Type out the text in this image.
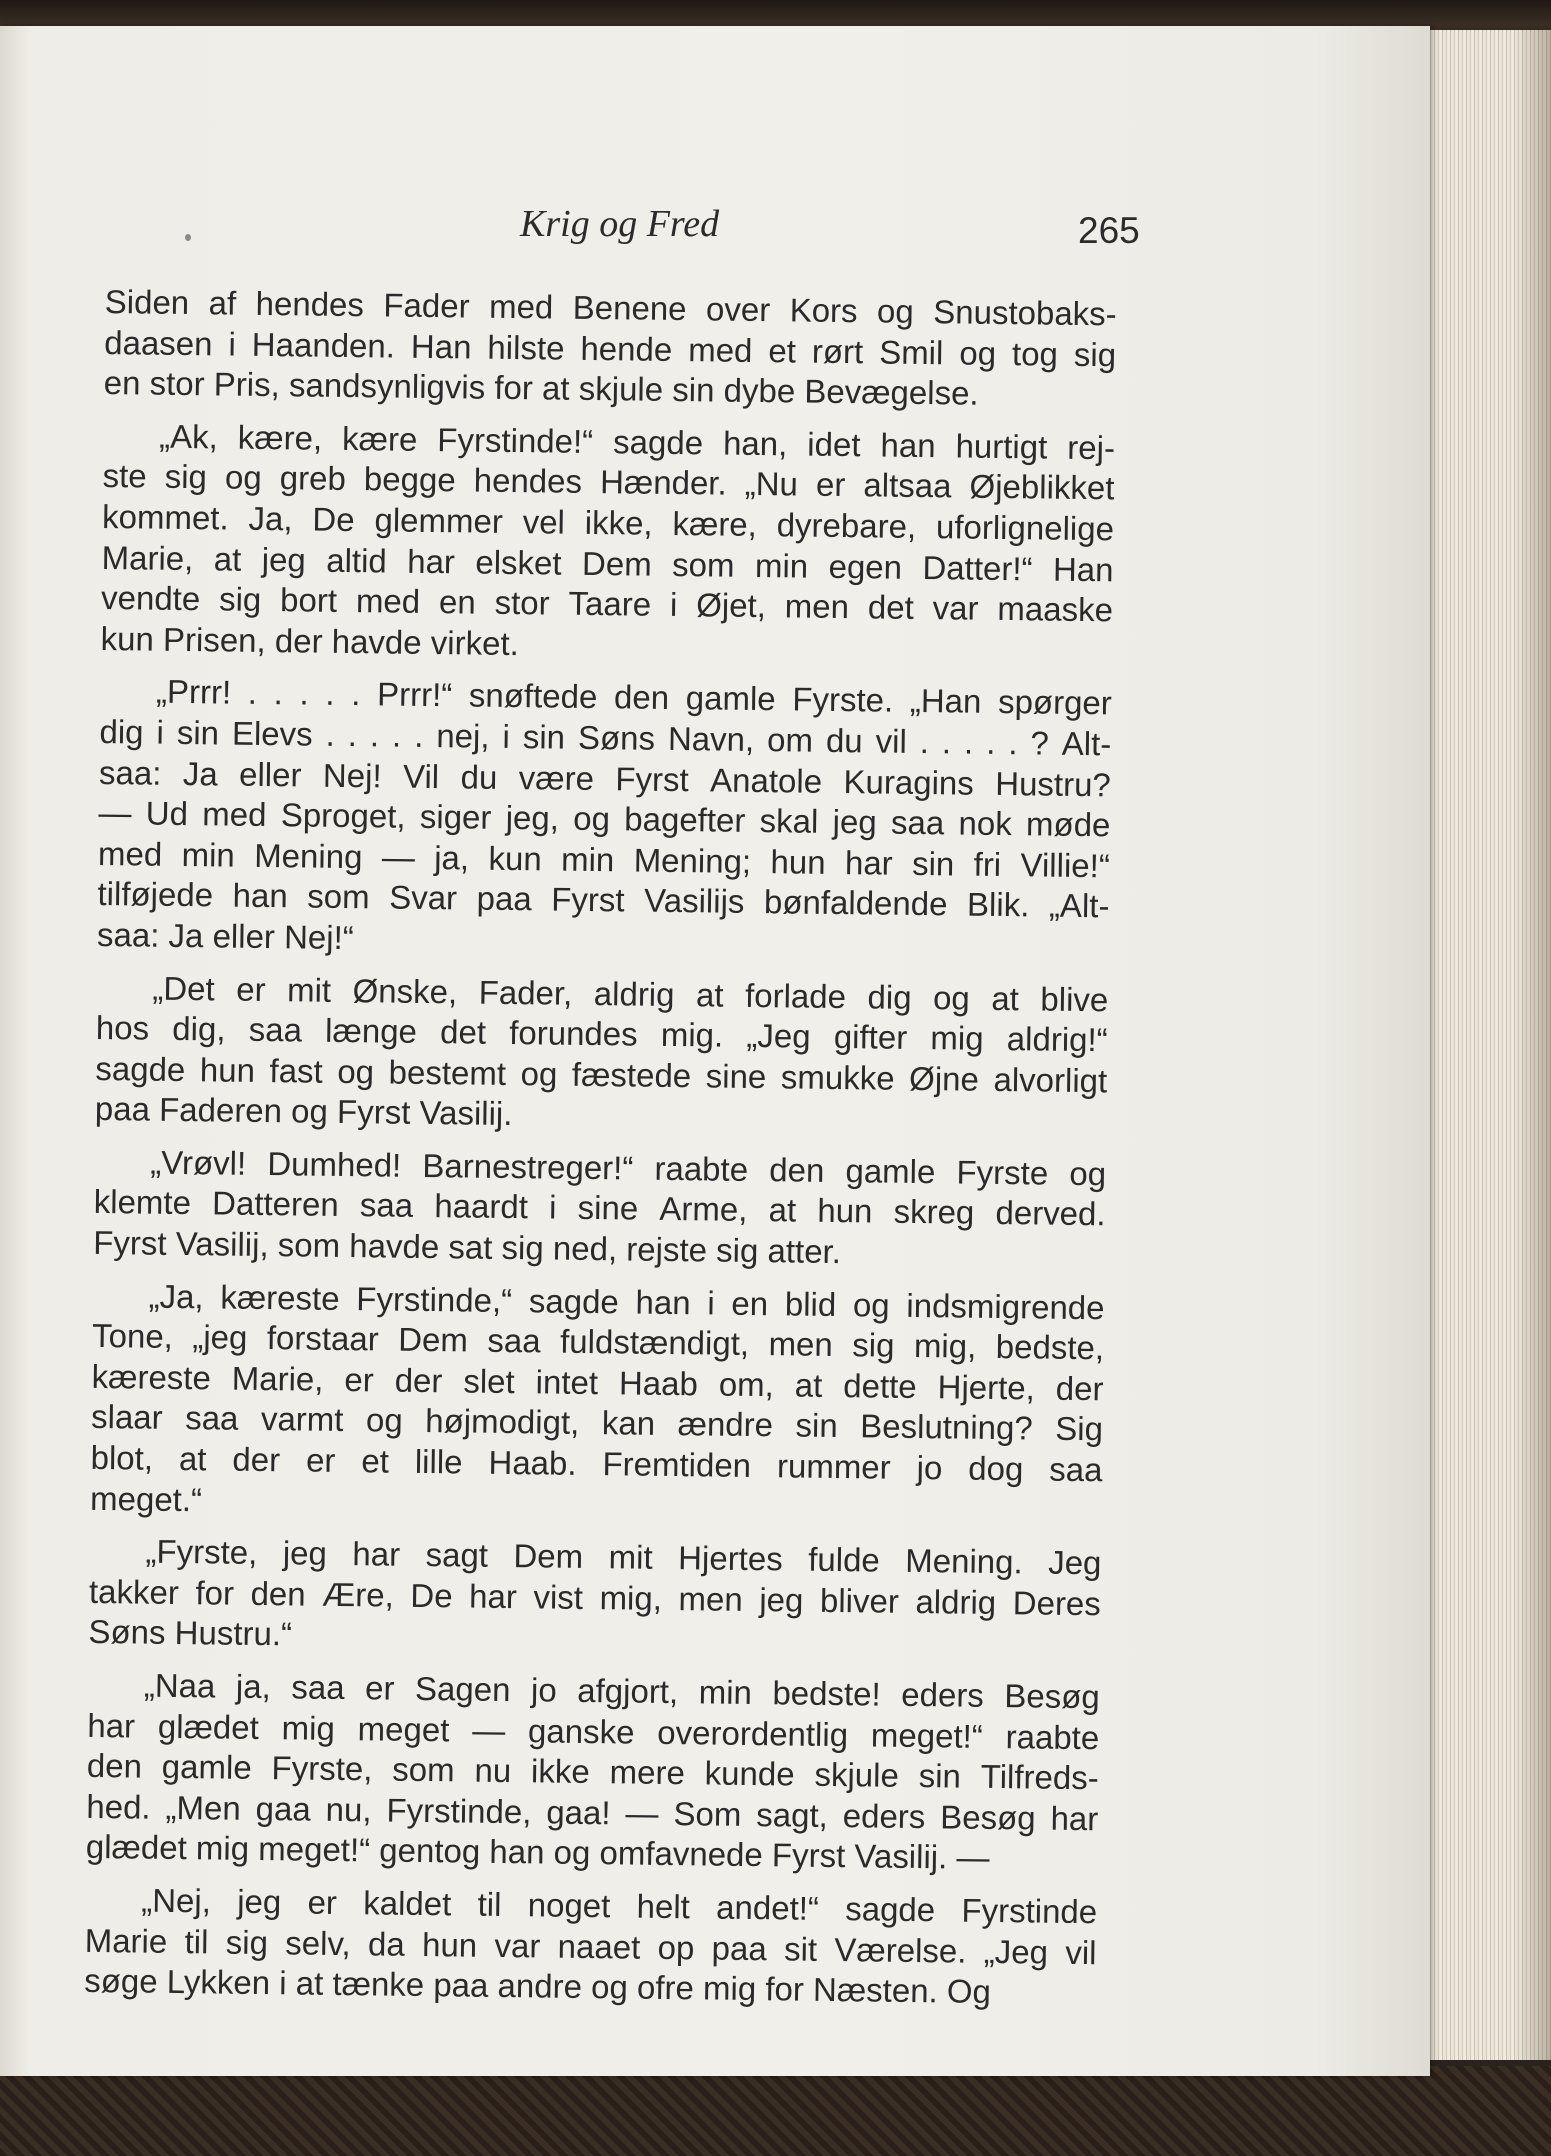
Krig og Fred	265
Siden af hendes Fader med Benene over Kors og Snustobaks-
daasen i Haanden. Han hilste hende med et rørt Smil og tog sig
en stor Pris, sandsynligvis for at skjule sin dybe Bevægelse.
„Ak, kære, kære Fyrstinde!“ sagde han, idet han hurtigt rej-
ste sig og greb begge hendes Hænder. „Nu er altsaa Øjeblikket
kommet. Ja, De glemmer vel ikke, kære, dyrebare, uforlignelige
Marie, at jeg altid har elsket Dem som min egen Datter!“ Han
vendte sig bort med en stor Taare i Øjet, men det var maaske
kun Prisen, der havde virket.
„Prrr! . . . . . Prrr!“ snøftede den gamle Fyrste. „Han spørger
dig i sin Elevs . . . . . nej, i sin Søns Navn, om du vil . . . . . ? Alt-
saa: Ja eller Nej! Vil du være Fyrst Anatole Kuragins Hustru?
— Ud med Sproget, siger jeg, og bagefter skal jeg saa nok møde
med min Mening — ja, kun min Mening; hun har sin fri Villie!“
tilføjede han som Svar paa Fyrst Vasilijs bønfaldende Blik. „Alt-
saa: Ja eller Nej!“
„Det er mit Ønske, Fader, aldrig at forlade dig og at blive
hos dig, saa længe det forundes mig. „Jeg gifter mig aldrig!“
sagde hun fast og bestemt og fæstede sine smukke Øjne alvorligt
paa Faderen og Fyrst Vasilij.
„Vrøvl! Dumhed! Barnestreger!“ raabte den gamle Fyrste og
klemte Datteren saa haardt i sine Arme, at hun skreg derved.
Fyrst Vasilij, som havde sat sig ned, rejste sig atter.
„Ja, kæreste Fyrstinde,“ sagde han i en blid og indsmigrende
Tone, „jeg forstaar Dem saa fuldstændigt, men sig mig, bedste,
kæreste Marie, er der slet intet Haab om, at dette Hjerte, der
slaar saa varmt og højmodigt, kan ændre sin Beslutning? Sig
blot, at der er et lille Haab. Fremtiden rummer jo dog saa
meget.“
„Fyrste, jeg har sagt Dem mit Hjertes fulde Mening. Jeg
takker for den Ære, De har vist mig, men jeg bliver aldrig Deres
Søns Hustru.“
„Naa ja, saa er Sagen jo afgjort, min bedste! eders Besøg
har glædet mig meget — ganske overordentlig meget!“ raabte
den gamle Fyrste, som nu ikke mere kunde skjule sin Tilfreds-
hed. „Men gaa nu, Fyrstinde, gaa! — Som sagt, eders Besøg har
glædet mig meget!“ gentog han og omfavnede Fyrst Vasilij. —
„Nej, jeg er kaldet til noget helt andet!“ sagde Fyrstinde
Marie til sig selv, da hun var naaet op paa sit Værelse. „Jeg vil
søge Lykken i at tænke paa andre og ofre mig for Næsten. Og
